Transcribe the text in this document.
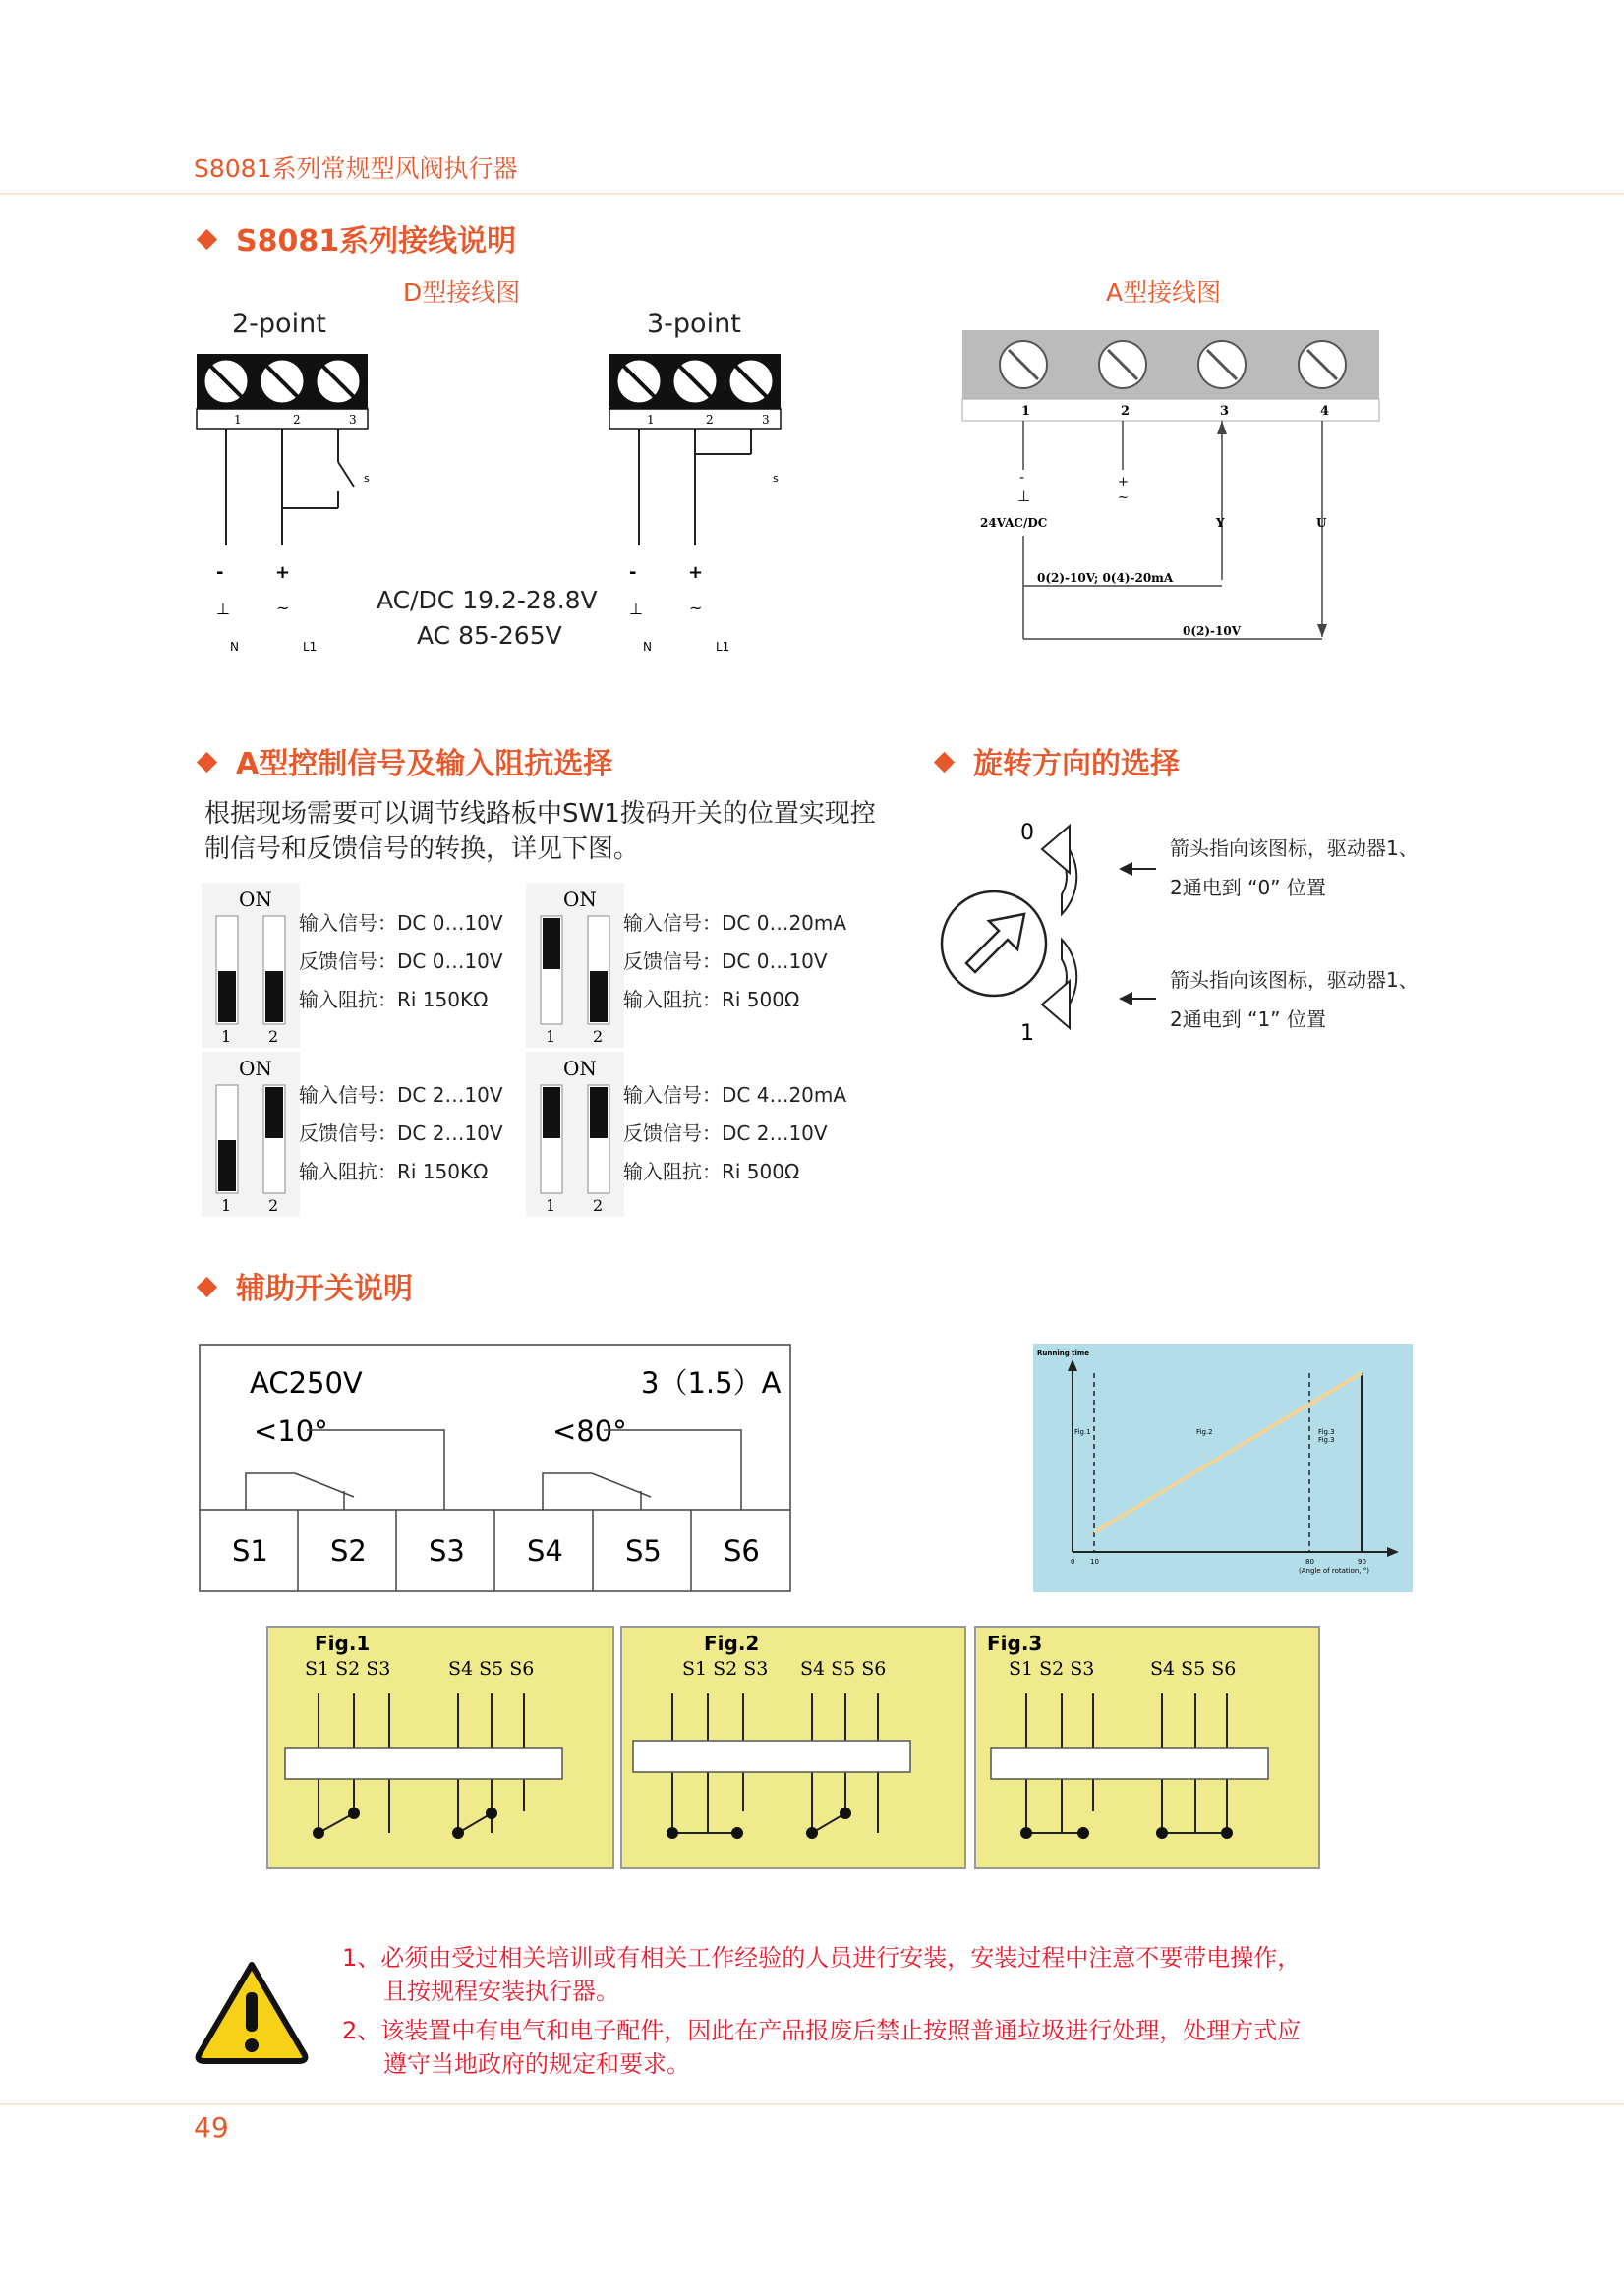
S8081系列常规型风阀执行器
S8081系列接线说明
D型接线图
2-point	3-point
1	2	3
s
-	+
⊥	~
N	L1
1	2	3
s
-	+
⊥	~
N	L1
AC/DC 19.2-28.8V
AC 85-265V
A型接线图
1	2	3	4
-
⊥
+
~
24VAC/DC	Y	U
0(2)-10V; 0(4)-20mA
0(2)-10V
A型控制信号及输入阻抗选择
根据现场需要可以调节线路板中SW1拨码开关的位置实现控制信号和反馈信号的转换，详见下图。
ON
1 2
ON
1 2
ON
1 2
ON
1 2
输入信号：DC 0…10V
反馈信号：DC 0…10V
输入阻抗：Ri 150KΩ
输入信号：DC 0…20mA
反馈信号：DC 0…10V
输入阻抗：Ri 500Ω
输入信号：DC 2…10V
反馈信号：DC 2…10V
输入阻抗：Ri 150KΩ
输入信号：DC 4…20mA
反馈信号：DC 2…10V
输入阻抗：Ri 500Ω
旋转方向的选择
0
1
箭头指向该图标，驱动器1、
2通电到 “0” 位置
箭头指向该图标，驱动器1、
2通电到 “1” 位置
辅助开关说明
AC250V	3（1.5）A
<10°	<80°
S1 S2 S3 S4 S5 S6
Running time
Fig.1	Fig.2	Fig.3
Fig.3
0 10	80	90
(Angle of rotation, °)
Fig.1
S1 S2 S3	S4 S5 S6
Fig.2
S1 S2 S3 S4 S5 S6
Fig.3
S1 S2 S3	S4 S5 S6
1、必须由受过相关培训或有相关工作经验的人员进行安装，安装过程中注意不要带电操作，
且按规程安装执行器。
2、该装置中有电气和电子配件，因此在产品报废后禁止按照普通垃圾进行处理，处理方式应
遵守当地政府的规定和要求。
49
